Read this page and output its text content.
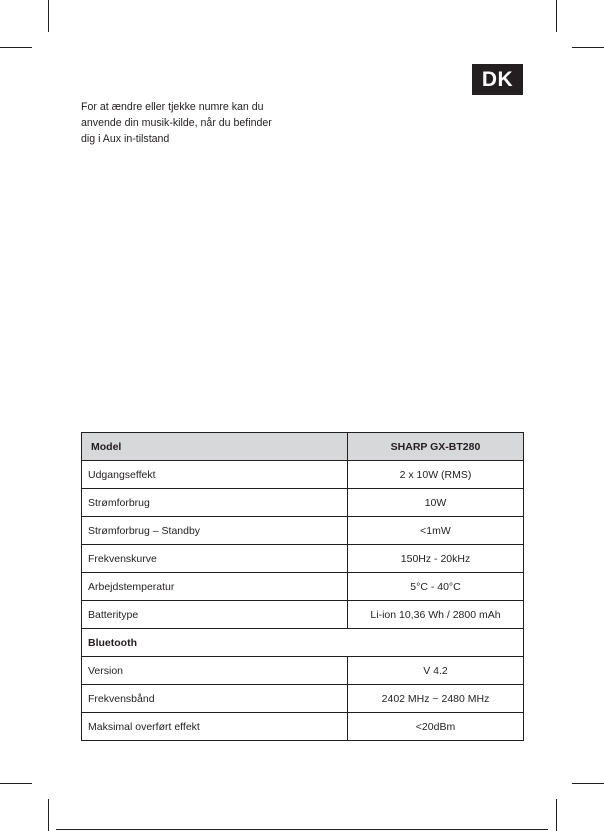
DK

For at ændre eller tjekke numre kan du

anvende din musik-kilde, når du befinder

dig i Aux in-tilstand

Model	SHARP GX-BT280
Udgangseffekt	2 x 10W (RMS)
Strømforbrug	10W
Strømforbrug – Standby	<1mW
Frekvenskurve	150Hz - 20kHz
Arbejdstemperatur	5°C - 40°C
Batteritype	Li-ion 10,36 Wh / 2800 mAh
Bluetooth	
Version	V 4.2
Frekvensbånd	2402 MHz ~ 2480 MHz
Maksimal overført effekt	<20dBm
